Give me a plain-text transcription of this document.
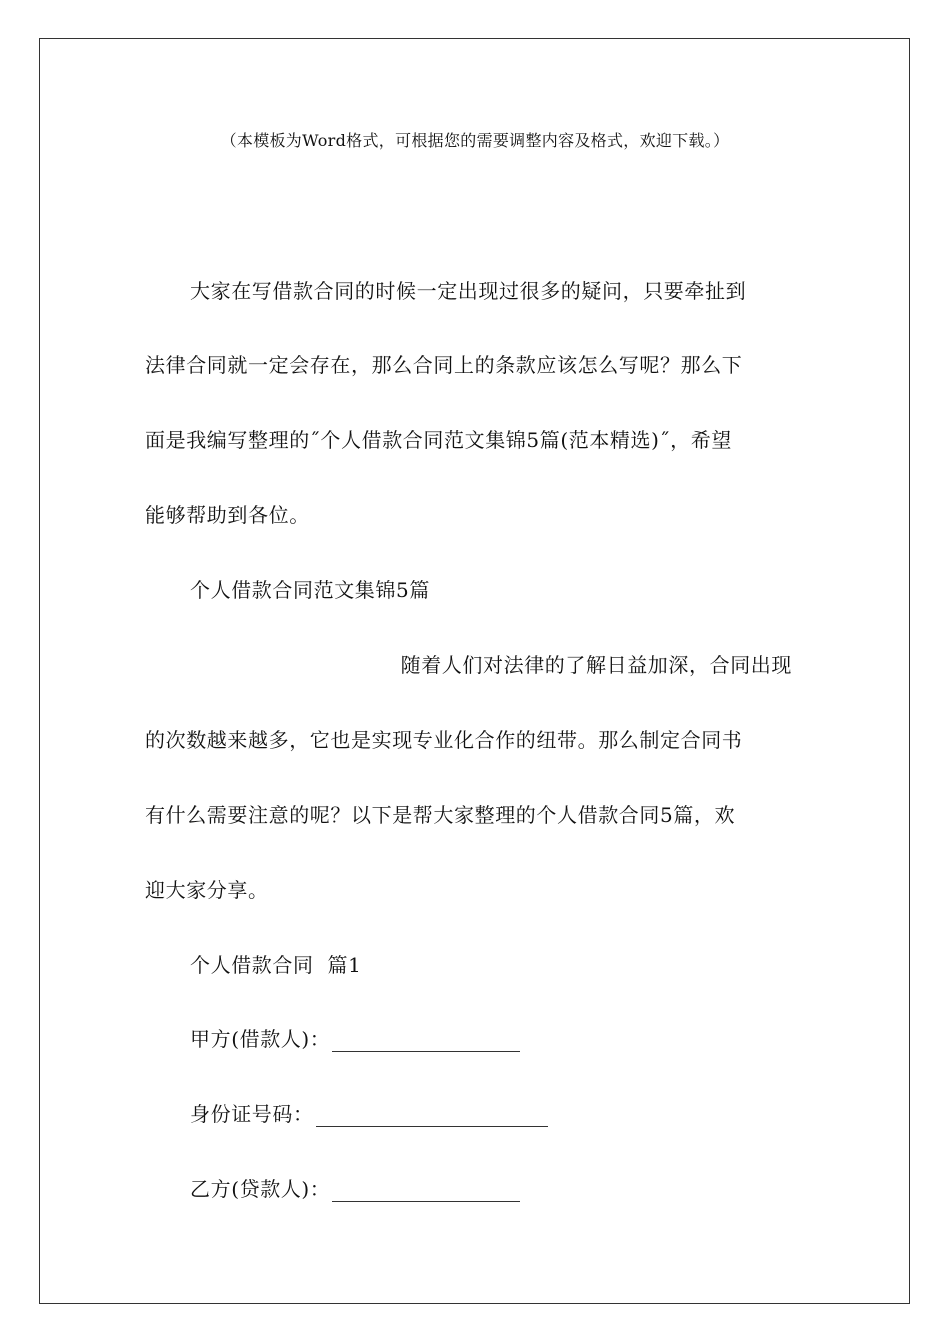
（本模板为Word格式，可根据您的需要调整内容及格式，欢迎下载。）
大家在写借款合同的时候一定出现过很多的疑问，只要牵扯到
法律合同就一定会存在，那么合同上的条款应该怎么写呢？那么下
面是我编写整理的˝个人借款合同范文集锦5篇(范本精选)˝，希望
能够帮助到各位。
个人借款合同范文集锦5篇
随着人们对法律的了解日益加深，合同出现
的次数越来越多，它也是实现专业化合作的纽带。那么制定合同书
有什么需要注意的呢？以下是帮大家整理的个人借款合同5篇，欢
迎大家分享。
个人借款合同  篇1
甲方(借款人)：
身份证号码：
乙方(贷款人)：
